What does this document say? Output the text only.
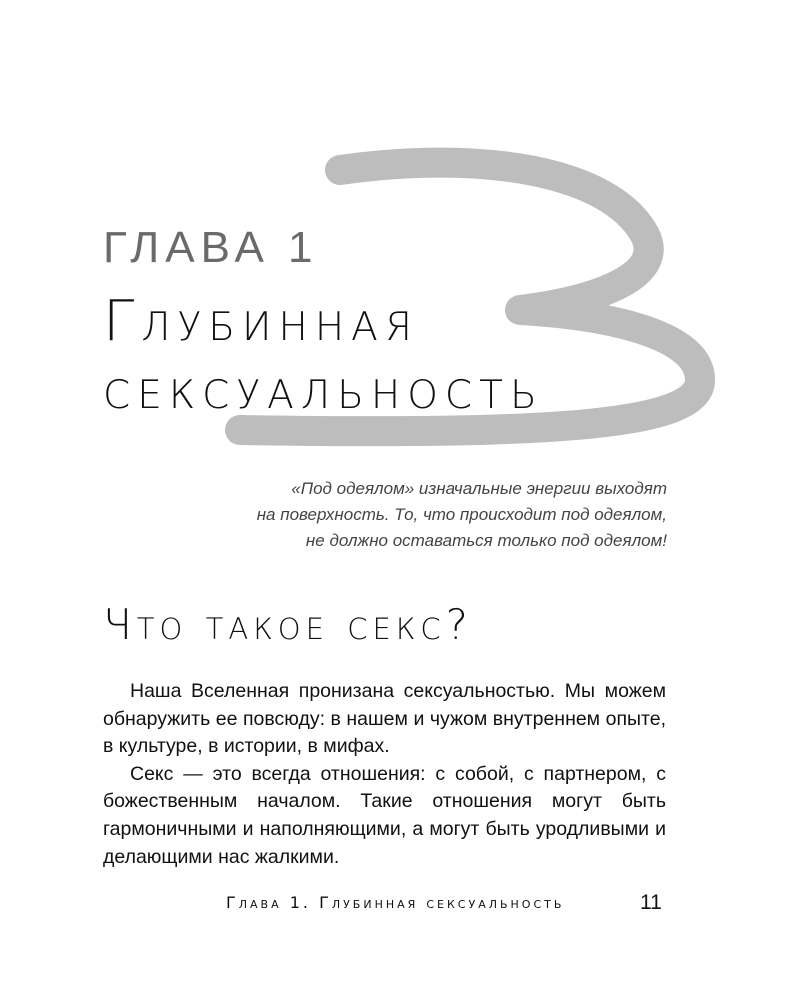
ГЛАВА 1
Глубинная
сексуальность
«Под одеялом» изначальные энергии выходят
на поверхность. То, что происходит под одеялом,
не должно оставаться только под одеялом!
Что такое секс?

Наша Вселенная пронизана сексуальностью. Мы можем обнаружить ее повсюду: в нашем и чужом внутреннем опыте, в культуре, в истории, в мифах.

Секс — это всегда отношения: с собой, с партнером, с божественным началом. Такие отношения могут быть гармоничными и наполняющими, а могут быть уродливыми и делающими нас жалкими.

Глава 1. Глубинная сексуальность	11
